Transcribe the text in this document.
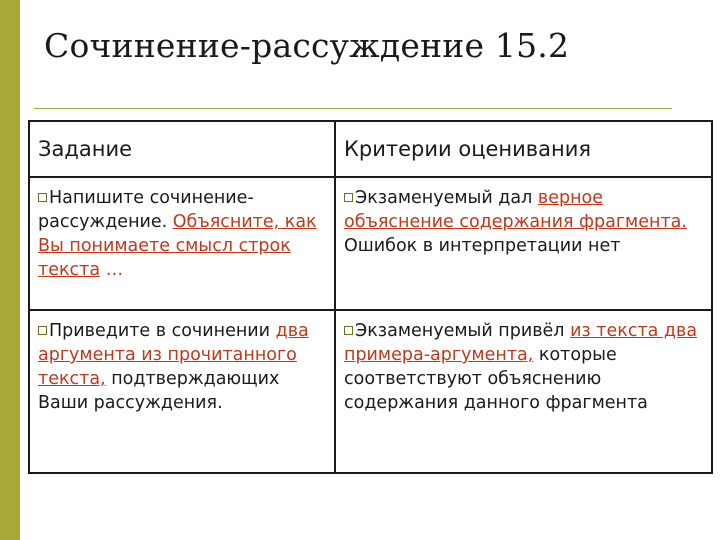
Сочинение-рассуждение 15.2
Задание	Критерии оценивания

Напишите сочинение-рассуждение. Объясните, как Вы понимаете смысл строк текста …	Экзаменуемый дал верное объяснение содержания фрагмента. Ошибок в интерпретации нет

Приведите в сочинении два аргумента из прочитанного текста, подтверждающих Ваши рассуждения.	Экзаменуемый привёл из текста два примера-аргумента, которые соответствуют объяснению содержания данного фрагмента
